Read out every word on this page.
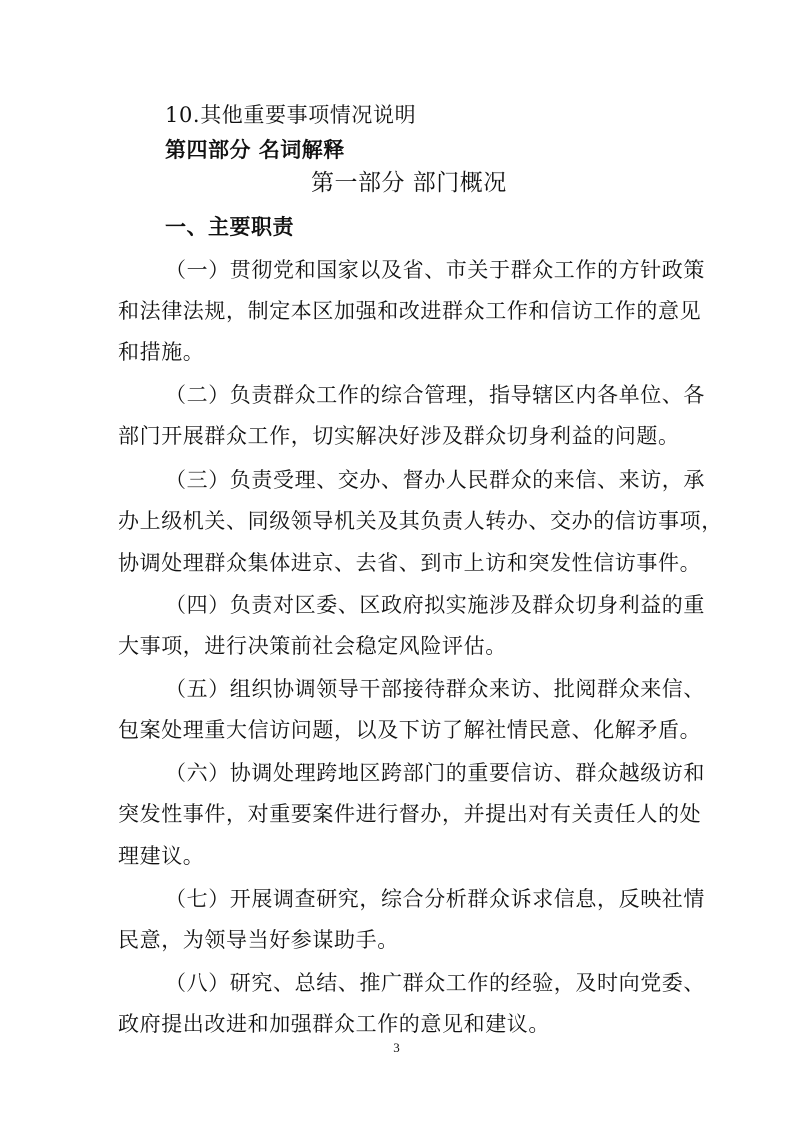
10.其他重要事项情况说明
第四部分 名词解释
第一部分 部门概况
一、主要职责
（一）贯彻党和国家以及省、市关于群众工作的方针政策
和法律法规，制定本区加强和改进群众工作和信访工作的意见
和措施。
（二）负责群众工作的综合管理，指导辖区内各单位、各
部门开展群众工作，切实解决好涉及群众切身利益的问题。
（三）负责受理、交办、督办人民群众的来信、来访，承
办上级机关、同级领导机关及其负责人转办、交办的信访事项，
协调处理群众集体进京、去省、到市上访和突发性信访事件。
（四）负责对区委、区政府拟实施涉及群众切身利益的重
大事项，进行决策前社会稳定风险评估。
（五）组织协调领导干部接待群众来访、批阅群众来信、
包案处理重大信访问题，以及下访了解社情民意、化解矛盾。
（六）协调处理跨地区跨部门的重要信访、群众越级访和
突发性事件，对重要案件进行督办，并提出对有关责任人的处
理建议。
（七）开展调查研究，综合分析群众诉求信息，反映社情
民意，为领导当好参谋助手。
（八）研究、总结、推广群众工作的经验，及时向党委、
政府提出改进和加强群众工作的意见和建议。
3
